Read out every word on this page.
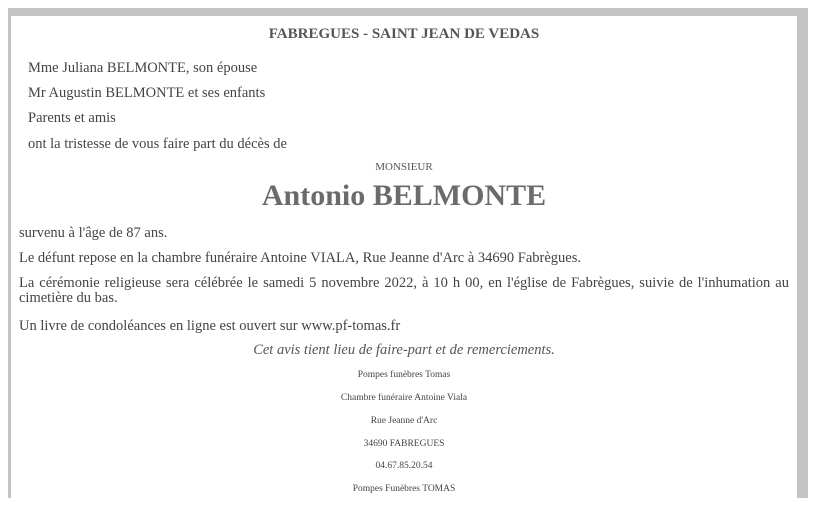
FABREGUES - SAINT JEAN DE VEDAS
Mme Juliana BELMONTE, son épouse
Mr Augustin BELMONTE et ses enfants
Parents et amis
ont la tristesse de vous faire part du décès de
MONSIEUR
Antonio BELMONTE
survenu à l'âge de 87 ans.
Le défunt repose en la chambre funéraire Antoine VIALA, Rue Jeanne d'Arc à 34690 Fabrègues.
La cérémonie religieuse sera célébrée le samedi 5 novembre 2022, à 10 h 00, en l'église de Fabrègues, suivie de l'inhumation au cimetière du bas.
Un livre de condoléances en ligne est ouvert sur www.pf-tomas.fr
Cet avis tient lieu de faire-part et de remerciements.
Pompes funèbres Tomas
Chambre funéraire Antoine Viala
Rue Jeanne d'Arc
34690 FABREGUES
04.67.85.20.54
Pompes Funèbres TOMAS
